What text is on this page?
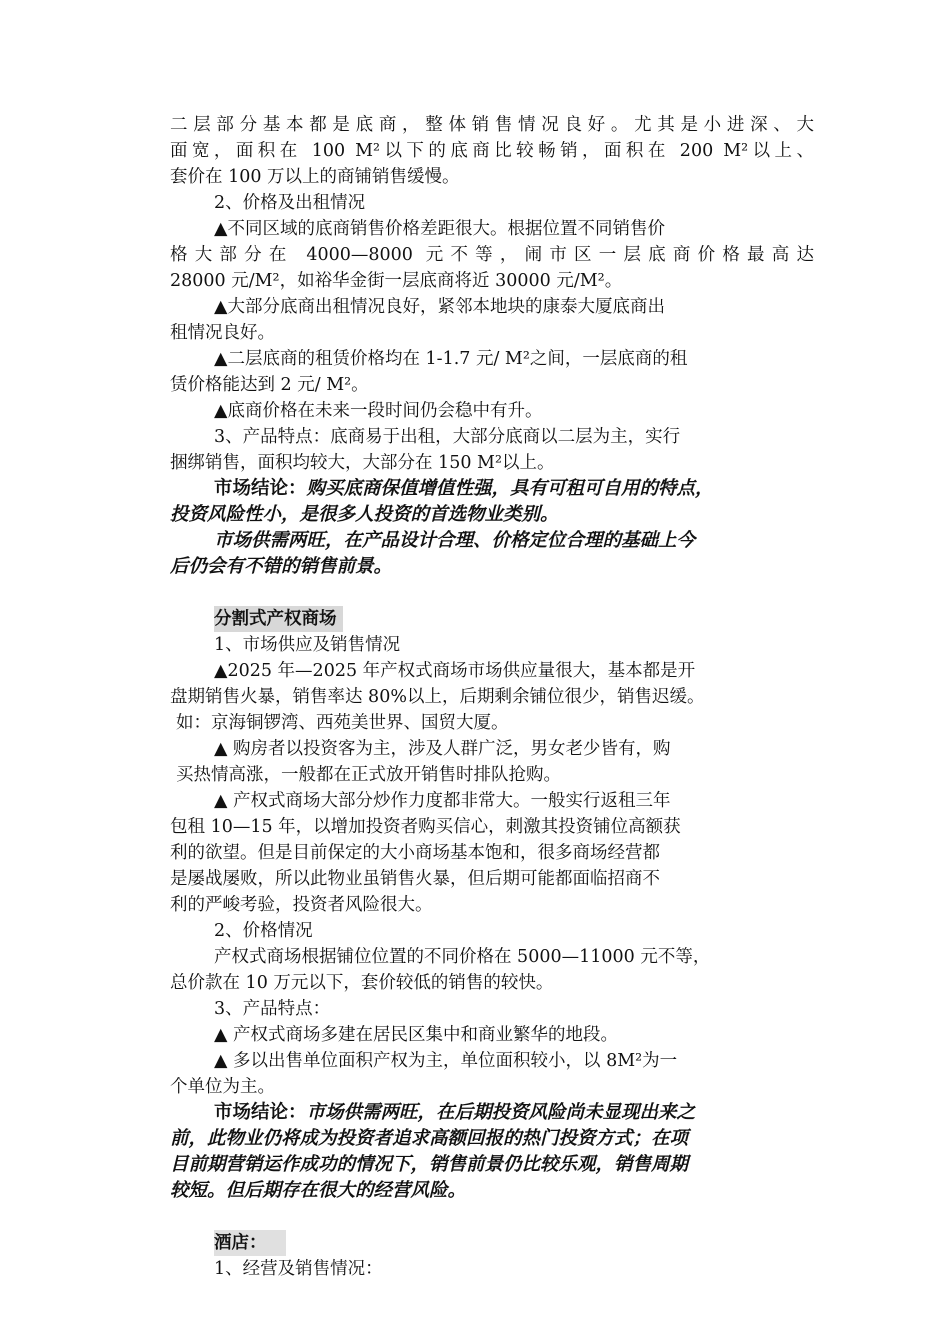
二层部分基本都是底商，整体销售情况良好。尤其是小进深、大
面宽，面积在 100 M²以下的底商比较畅销，面积在 200 M²以上、
套价在 100 万以上的商铺销售缓慢。
2、价格及出租情况
▲不同区域的底商销售价格差距很大。根据位置不同销售价
格大部分在 4000—8000 元不等，闹市区一层底商价格最高达
28000 元/M²，如裕华金街一层底商将近 30000 元/M²。
▲大部分底商出租情况良好，紧邻本地块的康泰大厦底商出
租情况良好。
▲二层底商的租赁价格均在 1-1.7 元/ M²之间，一层底商的租
赁价格能达到 2 元/ M²。
▲底商价格在未来一段时间仍会稳中有升。
3、产品特点：底商易于出租，大部分底商以二层为主，实行
捆绑销售，面积均较大，大部分在 150 M²以上。
市场结论：购买底商保值增值性强，具有可租可自用的特点，
投资风险性小，是很多人投资的首选物业类别。
市场供需两旺，在产品设计合理、价格定位合理的基础上今
后仍会有不错的销售前景。
分割式产权商场
1、市场供应及销售情况
▲2025 年—2025 年产权式商场市场供应量很大，基本都是开
盘期销售火暴，销售率达 80%以上，后期剩余铺位很少，销售迟缓。
如：京海铜锣湾、西苑美世界、国贸大厦。
▲ 购房者以投资客为主，涉及人群广泛，男女老少皆有，购
买热情高涨，一般都在正式放开销售时排队抢购。
▲ 产权式商场大部分炒作力度都非常大。一般实行返租三年
包租 10—15 年，以增加投资者购买信心，刺激其投资铺位高额获
利的欲望。但是目前保定的大小商场基本饱和，很多商场经营都
是屡战屡败，所以此物业虽销售火暴，但后期可能都面临招商不
利的严峻考验，投资者风险很大。
2、价格情况
产权式商场根据铺位位置的不同价格在 5000—11000 元不等，
总价款在 10 万元以下，套价较低的销售的较快。
3、产品特点：
▲ 产权式商场多建在居民区集中和商业繁华的地段。
▲ 多以出售单位面积产权为主，单位面积较小，以 8M²为一
个单位为主。
市场结论：市场供需两旺，在后期投资风险尚未显现出来之
前，此物业仍将成为投资者追求高额回报的热门投资方式；在项
目前期营销运作成功的情况下，销售前景仍比较乐观，销售周期
较短。但后期存在很大的经营风险。
酒店：
1、经营及销售情况：
